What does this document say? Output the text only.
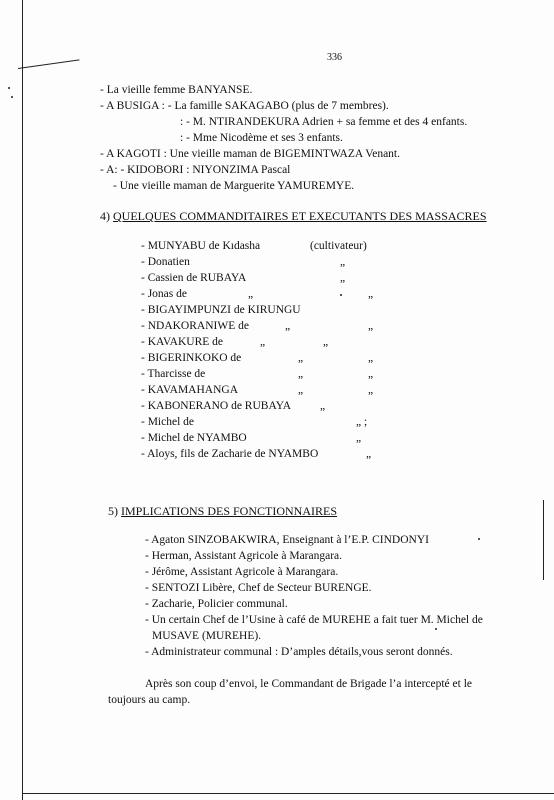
336
- La vieille femme BANYANSE.
- A BUSIGA : - La famille SAKAGABO (plus de 7 membres).
: - M. NTIRANDEKURA Adrien + sa femme et des 4 enfants.
: - Mme Nicodème et ses 3 enfants.
- A KAGOTI : Une vieille maman de BIGEMINTWAZA Venant.
- A: - KIDOBORI : NIYONZIMA Pascal
- Une vieille maman de Marguerite YAMUREMYE.
4) QUELQUES COMMANDITAIRES ET EXECUTANTS DES MASSACRES
- MUNYABU de Kıdasha	(cultivateur)
- Donatien	„
- Cassien de RUBAYA	„
- Jonas de	„	„
- BIGAYIMPUNZI de KIRUNGU
- NDAKORANIWE de	„	„
- KAVAKURE de	„	„
- BIGERINKOKO de	„	„
- Tharcisse de	„	„
- KAVAMAHANGA	„	„
- KABONERANO de RUBAYA	„
- Michel de	„ ;
- Michel de NYAMBO	„
- Aloys, fils de Zacharie de NYAMBO	„
5) IMPLICATIONS DES FONCTIONNAIRES
- Agaton SINZOBAKWIRA, Enseignant à l’E.P. CINDONYI
- Herman, Assistant Agricole à Marangara.
- Jérôme, Assistant Agricole à Marangara.
- SENTOZI Libère, Chef de Secteur BURENGE.
- Zacharie, Policier communal.
- Un certain Chef de l’Usine à café de MUREHE a fait tuer M. Michel de
MUSAVE (MUREHE).
- Administrateur communal : D’amples détails,vous seront donnés.
Après son coup d’envoi, le Commandant de Brigade l’a intercepté et le
toujours au camp.
